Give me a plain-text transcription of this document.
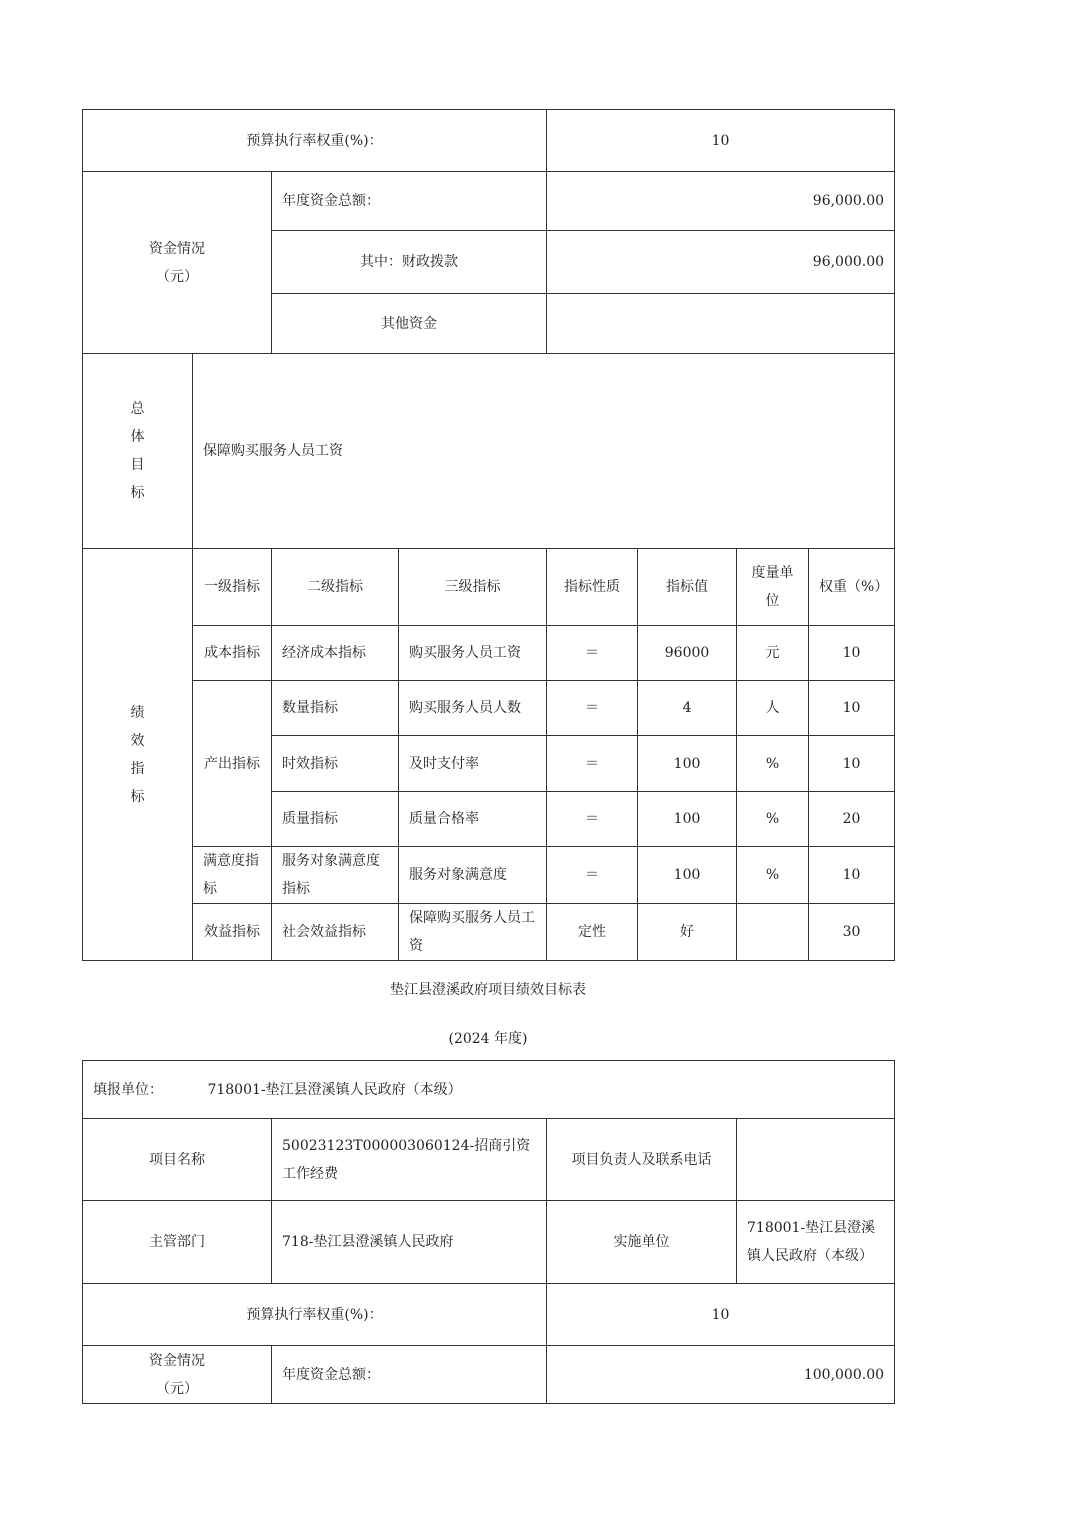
预算执行率权重(%)：				10			

资金情况
（元）		年度资金总额：		96,000.00			
		其中：财政拨款		96,000.00			
		其他资金					

总
体
目
标	保障购买服务人员工资						

绩
效
指
标	一级指标	二级指标	三级指标	指标性质	指标值	度量单位	权重（%）
	成本指标	经济成本指标	购买服务人员工资	＝	96000	元	10
	产出指标	数量指标	购买服务人员人数	＝	4	人	10
		时效指标	及时支付率	＝	100	%	10
		质量指标	质量合格率	＝	100	%	20
	满意度指标	服务对象满意度指标	服务对象满意度	＝	100	%	10
	效益指标	社会效益指标	保障购买服务人员工资	定性	好		30
垫江县澄溪政府项目绩效目标表
(2024 年度)
填报单位： 718001-垫江县澄溪镇人民政府（本级）			
项目名称	50023123T000003060124-招商引资工作经费	项目负责人及联系电话	
主管部门	718-垫江县澄溪镇人民政府	实施单位	718001-垫江县澄溪镇人民政府（本级）
预算执行率权重(%)：		10	

资金情况
（元）	年度资金总额：	100,000.00	
